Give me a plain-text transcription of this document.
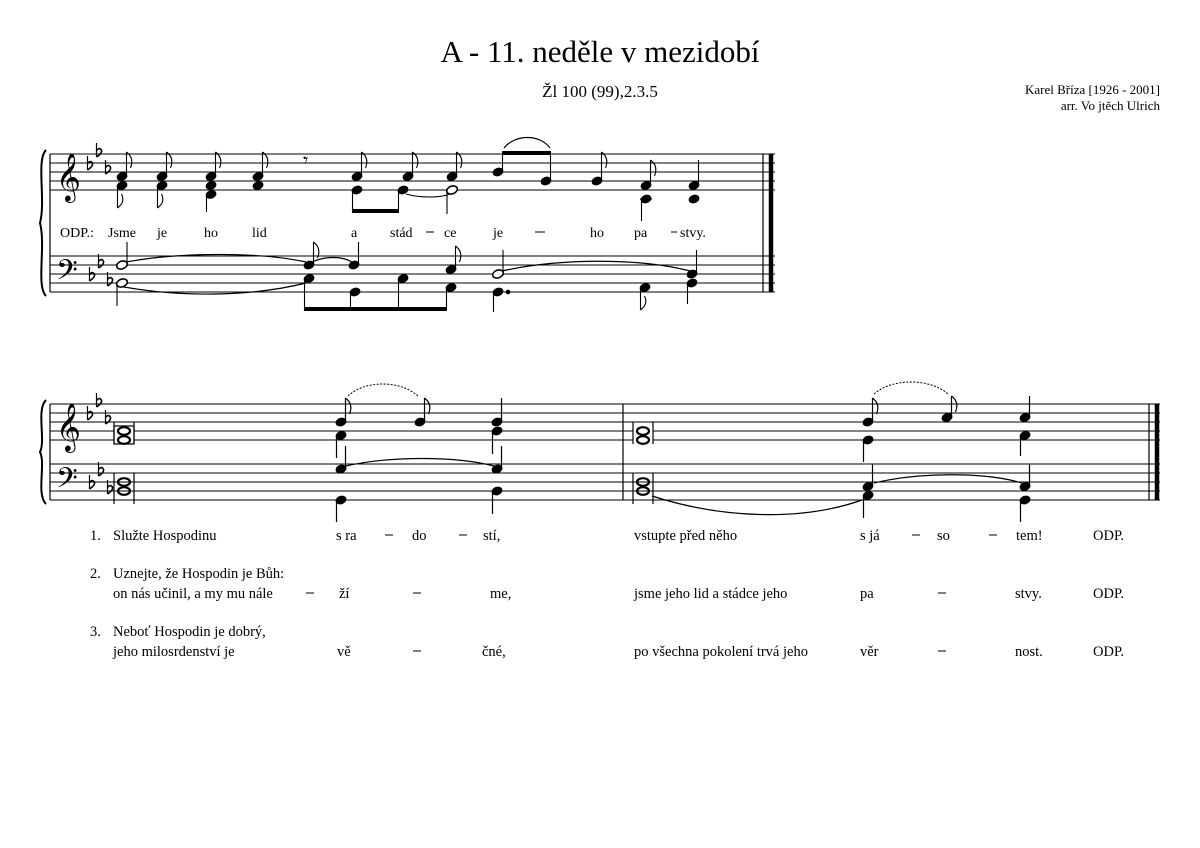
A - 11. neděle v mezidobí
Žl 100 (99),2.3.5	Karel Bříza [1926 - 2001]
arr. Vo jtěch Ulrich
𝄞
𝄢
𝄾
ODP.: Jsme je	ho lid	a stád ce	je	ho pa stvy.
𝄞
𝄢
1. Služte Hospodinu	s ra	do	stí,	vstupte před něho	s já	so	tem!	ODP.
2. Uznejte, že Hospodin je Bůh:
on nás učinil, a my mu nále	ží	me,	jsme jeho lid a stádce jeho	pa	stvy.	ODP.
3. Neboť Hospodin je dobrý,
jeho milosrdenství je	vě	čné,	po všechna pokolení trvá jeho	věr	nost.	ODP.
